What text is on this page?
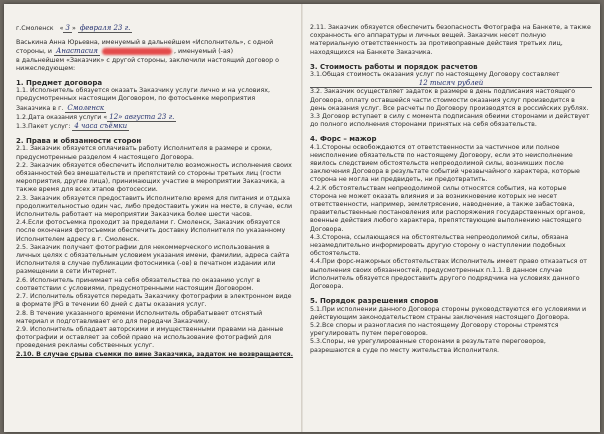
г.Смоленск « 3 » февраля 23 г.

Васькина Анна Юрьевна, именуемый в дальнейшем «Исполнитель», с одной

стороны, и Анастасия	, именуемый (-ая)

в дальнейшем «Заказчик» с другой стороны, заключили настоящий договор о нижеследующем:

1. Предмет договора

1.1. Исполнитель обязуется оказать Заказчику услуги лично и на условиях, предусмотренных настоящим Договором, по фотосъемке мероприятия

Заказчика в г. Смоленск

1.2.Дата оказания услуги « 12» августа 23 г.

1.3.Пакет услуг: 4 часа съёмки

2. Права и обязанности сторон

2.1. Заказчик обязуется оплачивать работу Исполнителя в размере и сроки, предусмотренные разделом 4 настоящего Договора.

2.2. Заказчик обязуется обеспечить Исполнителю возможность исполнения своих обязанностей без вмешательств и препятствий со стороны третьих лиц (гости мероприятия, другие лица), принимающих участие в мероприятии Заказчика, а также время для всех этапов фотосессии.

2.3. Заказчик обязуется предоставить Исполнителю время для питания и отдыха продолжительностью один час, либо предоставить ужин на месте, в случае, если Исполнитель работает на мероприятии Заказчика более шести часов.

2.4.Если фотосъемка проходит за пределами г. Смоленск, Заказчик обязуется после окончания фотосъемки обеспечить доставку Исполнителя по указанному Исполнителем адресу в г. Смоленск.

2.5. Заказчик получает фотографии для некоммерческого использования в личных целях с обязательным условием указания имени, фамилии, адреса сайта Исполнителя в случае публикации фотоснимка (-ов) в печатном издании или размещении в сети Интернет.

2.6. Исполнитель принимает на себя обязательства по оказанию услуг в соответствии с условиями, предусмотренными настоящим Договором.

2.7. Исполнитель обязуется передать Заказчику фотографии в электронном виде в формате JPG в течении 60 дней с даты оказания услуг.

2.8. В течение указанного времени Исполнитель обрабатывает отснятый материал и подготавливает его для передачи Заказчику.

2.9. Исполнитель обладает авторскими и имущественными правами на данные фотографии и оставляет за собой право на использование фотографий для проведения рекламы собственных услуг.

2.10. В случае срыва съемки по вине Заказчика, задаток не возвращается.

2.11. Заказчик обязуется обеспечить безопасность Фотографа на Банкете, а также сохранность его аппаратуры и личных вещей. Заказчик несет полную материальную ответственность за противоправные действия третьих лиц, находящихся на Банкете Заказчика.

3. Стоимость работы и порядок расчетов

3.1.Общая стоимость оказания услуг по настоящему Договору составляет

12 тысяч рублей

3.2. Заказчик осуществляет задаток в размере в день подписания настоящего Договора, оплату оставшейся части стоимости оказания услуг производится в день оказания услуг. Все расчеты по Договору производятся в российских рублях.

3.3 Договор вступает в силу с момента подписания обеими сторонами и действует до полного исполнения сторонами принятых на себя обязательств.

4. Форс – мажор

4.1.Стороны освобождаются от ответственности за частичное или полное неисполнение обязательств по настоящему Договору, если это неисполнение явилось следствием обстоятельств непреодолимой силы, возникших после заключения Договора в результате событий чрезвычайного характера, которые сторона не могла ни предвидеть, ни предотвратить.

4.2.К обстоятельствам непреодолимой силы относятся события, на которые сторона не может оказать влияния и за возникновение которых не несет ответственности, например, землетрясение, наводнение, а также забастовка, правительственные постановления или распоряжения государственных органов, военные действия любого характера, препятствующие выполнению настоящего Договора.

4.3.Сторона, ссылающаяся на обстоятельства непреодолимой силы, обязана незамедлительно информировать другую сторону о наступлении подобных обстоятельств.

4.4.При форс-мажорных обстоятельствах Исполнитель имеет право отказаться от выполнения своих обязанностей, предусмотренных п.1.1. В данном случае Исполнитель обязуется предоставить другого подрядчика на условиях данного Договора.

5. Порядок разрешения споров

5.1.При исполнении данного Договора стороны руководствуются его условиями и действующим законодательством страны заключения настоящего Договора.

5.2.Все споры и разногласия по настоящему Договору стороны стремятся урегулировать путем переговоров.

5.3.Споры, не урегулированные сторонами в результате переговоров, разрешаются в суде по месту жительства Исполнителя.
